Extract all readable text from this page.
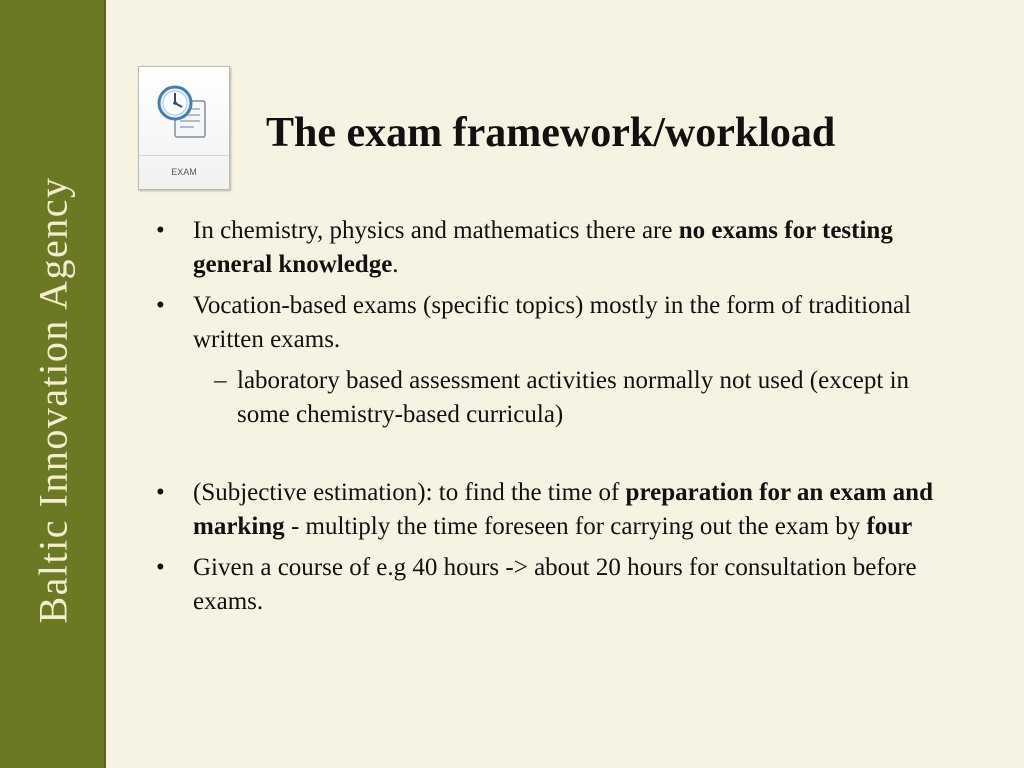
Baltic Innovation Agency
EXAM
The exam framework/workload
• In chemistry, physics and mathematics there are no exams for testing general knowledge.
• Vocation-based exams (specific topics) mostly in the form of traditional written exams.
– laboratory based assessment activities normally not used (except in some chemistry-based curricula)
• (Subjective estimation): to find the time of preparation for an exam and marking - multiply the time foreseen for carrying out the exam by four
• Given a course of e.g 40 hours -> about 20 hours for consultation before exams.
